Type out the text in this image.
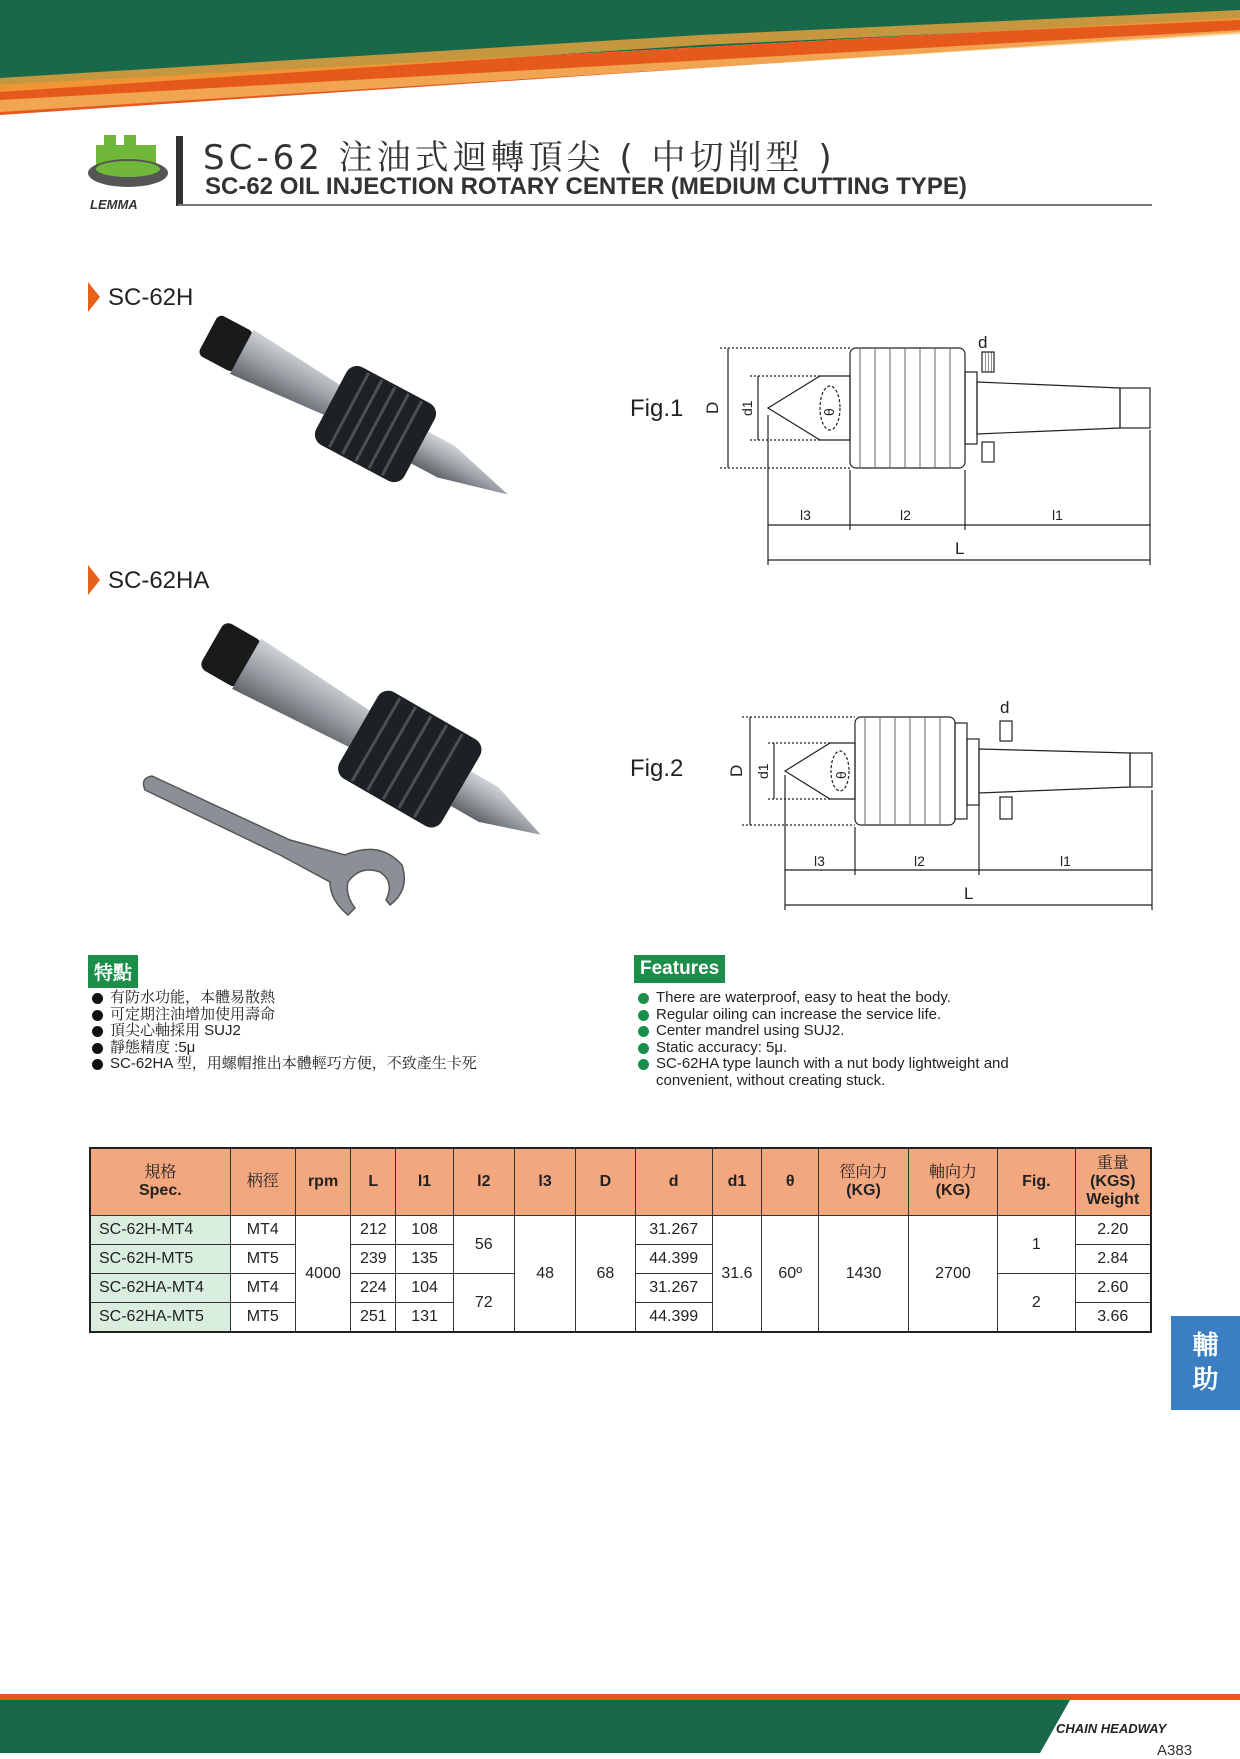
LEMMA
SC-62 注油式迴轉頂尖 ( 中切削型 )
SC-62 OIL INJECTION ROTARY CENTER (MEDIUM CUTTING TYPE)
SC-62H
Fig.1 D d1	θ
d
l3	l2	l1
L
SC-62HA
Fig.2	D d1	θ
d
l3	l2	l1
L
特點
有防水功能，本體易散熱
可定期注油增加使用壽命
頂尖心軸採用 SUJ2
靜態精度 :5μ
SC-62HA 型，用螺帽推出本體輕巧方便，不致產生卡死
Features
There are waterproof, easy to heat the body.
Regular oiling can increase the service life.
Center mandrel using SUJ2.
Static accuracy: 5μ.
SC-62HA type launch with a nut body lightweight and convenient, without creating stuck.
規格
Spec.	柄徑	rpm	L	l1	l2	l3	D	d	d1	θ	徑向力
(KG)	軸向力
(KG)	Fig.	重量
(KGS)
Weight
SC-62H-MT4	MT4	4000	212	108	56	48	68	31.267	31.6	60º	1430	2700	1	2.20
SC-62H-MT5	MT5		239	135				44.399						2.84
SC-62HA-MT4	MT4		224	104	72			31.267					2	2.60
SC-62HA-MT5	MT5		251	131				44.399						3.66
輔
助
CHAIN HEADWAY
A383
